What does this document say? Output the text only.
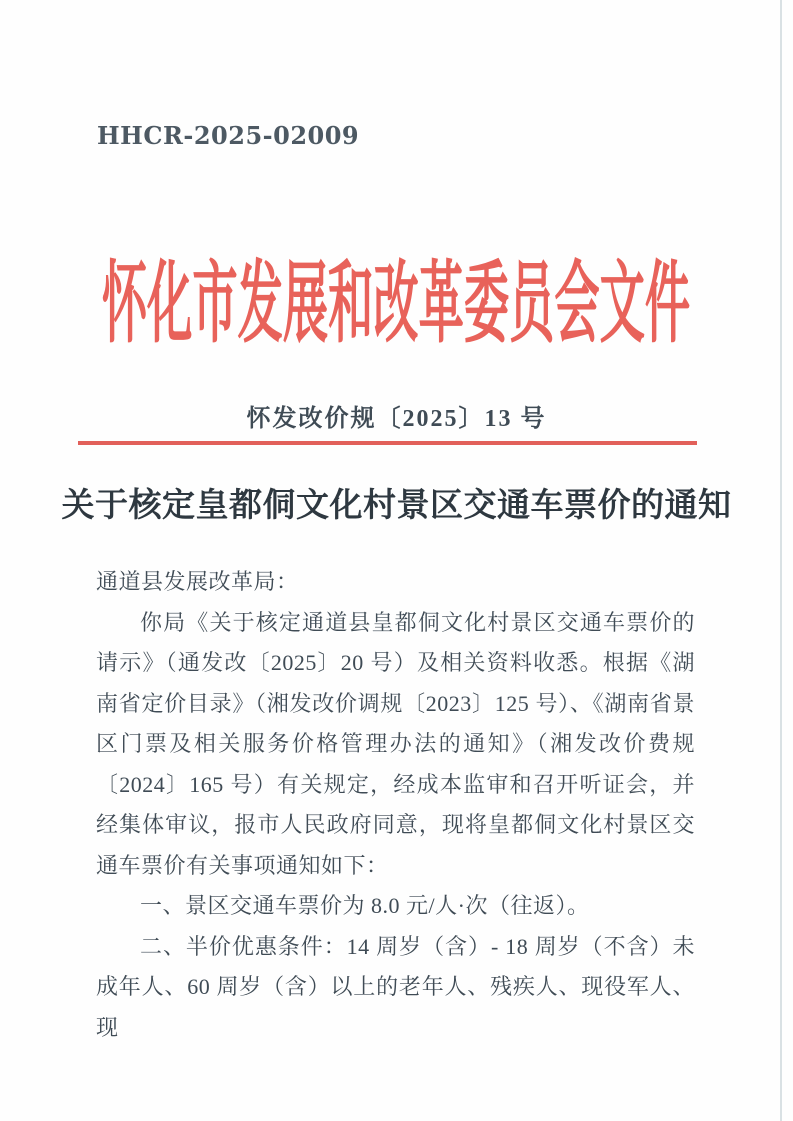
HHCR-2025-02009
怀化市发展和改革委员会文件
怀发改价规〔2025〕13 号
关于核定皇都侗文化村景区交通车票价的通知

通道县发展改革局：

你局《关于核定通道县皇都侗文化村景区交通车票价的请示》（通发改〔2025〕20 号）及相关资料收悉。根据《湖南省定价目录》（湘发改价调规〔2023〕125 号）、《湖南省景区门票及相关服务价格管理办法的通知》（湘发改价费规〔2024〕165 号）有关规定，经成本监审和召开听证会，并经集体审议，报市人民政府同意，现将皇都侗文化村景区交通车票价有关事项通知如下：

一、景区交通车票价为 8.0 元/人·次（往返）。

二、半价优惠条件：14 周岁（含）- 18 周岁（不含）未成年人、60 周岁（含）以上的老年人、残疾人、现役军人、现
